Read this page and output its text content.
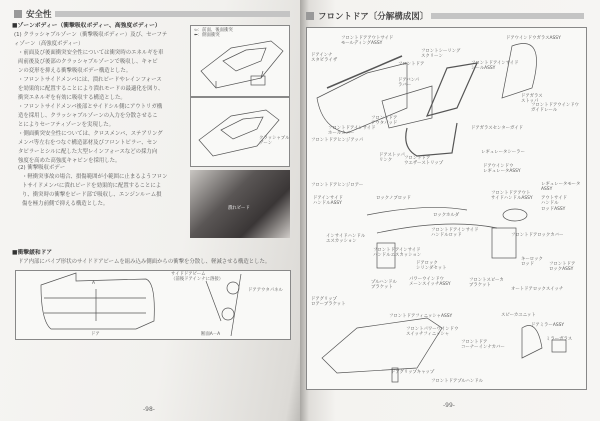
安全性
■ゾーンボディー（衝撃吸収ボディー、高強度ボディー）
(1) クラッシャブルゾーン（衝撃吸収ボディー）及び、セーフテ
ィゾーン（高強度ボディー）
・前面及び後面衝突安全性については衝突時のエネルギを車
両前後及び後部のクラッシャブルゾーンで吸収し、キャビ
ンの変形を抑える衝撃吸収ボデー構造とした。
・フロントサイドメンバには、潰れビードやレインフォース
を効果的に配置することにより潰れモードの最適化を図り、
衝突エネルギを有効に吸収する構造とした。
・フロントサイドメンバ後部とサイドシル側にアウトリガ構
造を採用し、クラッシャブルゾーンの入力を分散させるこ
とによりセーフティゾーンを実現した。
・側面衝突安全性については、クロスメンバ、ステアリング
メンバ等左右をつなぐ構造部材及びフロントピラー、セン
タピラーとシルに配した大型レインフォースなどの採力向
強度を高めた高強度キャビンを採用した。
(2) 衝撃吸収ボデー
・軽衝突事故の場合、損傷範囲が小範囲に止まるようフロン
トサイドメンバに潰れビードを効果的に配置することによ
り、衝突時の衝撃をビード部で吸収し、エンジンルーム損
傷を極力前側で抑える構造とした。
⇦：前面、後面衝突
⬅：側面衝突
クラッシャブル
ゾーン
潰れビード
■衝撃緩和ドア
ドア内部にパイプ形状のサイドドアビームを組み込み側面からの衝撃を分散し、軽減させる構造とした。
サイドドアビーム
（前後ドアインナに溶接）
ドアアウタパネル
A
ドア	断面A－A
-98-
フロントドア〔分解構成図〕
フロントドアアウトサイド
モールディングASSY
ドアインナ
スタビライザ
フロントドア
ドアバンパ
ラバー
フロントシーリング
スクリーン
フロントドアインサイド
シールASSY
ドアウインドウガラスASSY
ドアガラス
ストッパ
フロントドアウインドウ
ガイドレール
フロントドア
アウタパッド
フロントドアインサイド
ホールカバー
ドアガラスセンターガイド
フロントドアヒンジアッパ
ドアストッパ
リンク	フロントドア
ウエザーストリップ
レギュレータシーラー
ドアウインドウ
レギュレータASSY
レギュレータモータ
ASSY
フロントドアヒンジロアー
ドアインサイド
ハンドルASSY
ロックノブロッド
ロックホルダ
フロントドアアウト
サイドハンドルASSY アウトサイド
ハンドル
ロッドASSY
インサイドハンドル
エスカッション
フロントドアインサイド
ハンドルロッド	フロントドアロックカバー
フロントドアインサイド
ハンドルエスカッション
キーロック
ロッド
ドアロック
シリンダセット
フロントドア
ロックASSY
プルハンドル
ブラケット
パワーウインドウ
メーンスイッチASSY
フロントスピーカ
ブラケット
オートドアロックスイッチ
ドアグリップ
ロアーブラケット
フロントドアフィニッシャASSY	スピーカユニット
ドアミラーASSY
ミラーガラス
フロントパワーウインドウ
スイッチフィニッシャ
フロントドア
コーナーインナカバー
ドアグリップキャップ
フロントドアプルハンドル
-99-
